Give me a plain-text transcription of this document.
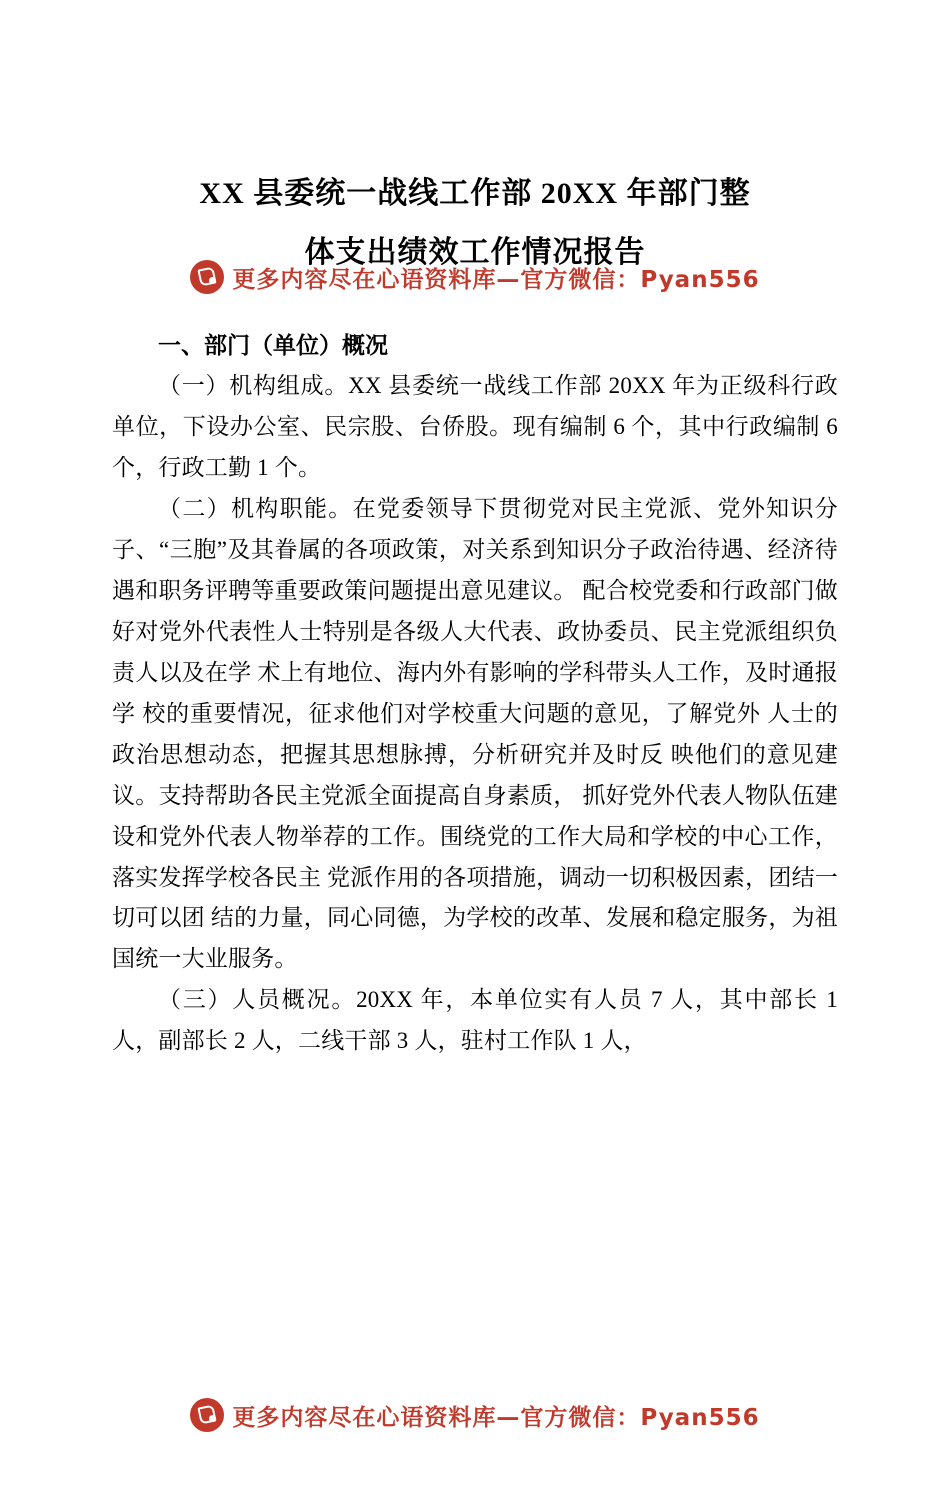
更多内容尽在心语资料库— 官方微信：Pyan556
XX 县委统一战线工作部 20XX 年部门整
体支出绩效工作情况报告
一、部门（单位）概况

（一）机构组成。XX 县委统一战线工作部 20XX 年为正级科行政单位，下设办公室、民宗股、台侨股。现有编制 6 个，其中行政编制 6 个，行政工勤 1 个。

（二）机构职能。在党委领导下贯彻党对民主党派、党外知识分子、“三胞”及其眷属的各项政策，对关系到知识分子政治待遇、经济待遇和职务评聘等重要政策问题提出意见建议。 配合校党委和行政部门做好对党外代表性人士特别是各级人大代表、政协委员、民主党派组织负责人以及在学 术上有地位、海内外有影响的学科带头人工作，及时通报学 校的重要情况，征求他们对学校重大问题的意见，了解党外 人士的政治思想动态，把握其思想脉搏，分析研究并及时反 映他们的意见建议。支持帮助各民主党派全面提高自身素质， 抓好党外代表人物队伍建设和党外代表人物举荐的工作。围绕党的工作大局和学校的中心工作，落实发挥学校各民主 党派作用的各项措施，调动一切积极因素，团结一切可以团 结的力量，同心同德，为学校的改革、发展和稳定服务，为祖国统一大业服务。

（三）人员概况。20XX 年，本单位实有人员 7 人，其中部长 1 人，副部长 2 人，二线干部 3 人，驻村工作队 1 人，

更多内容尽在心语资料库— 官方微信：Pyan556
